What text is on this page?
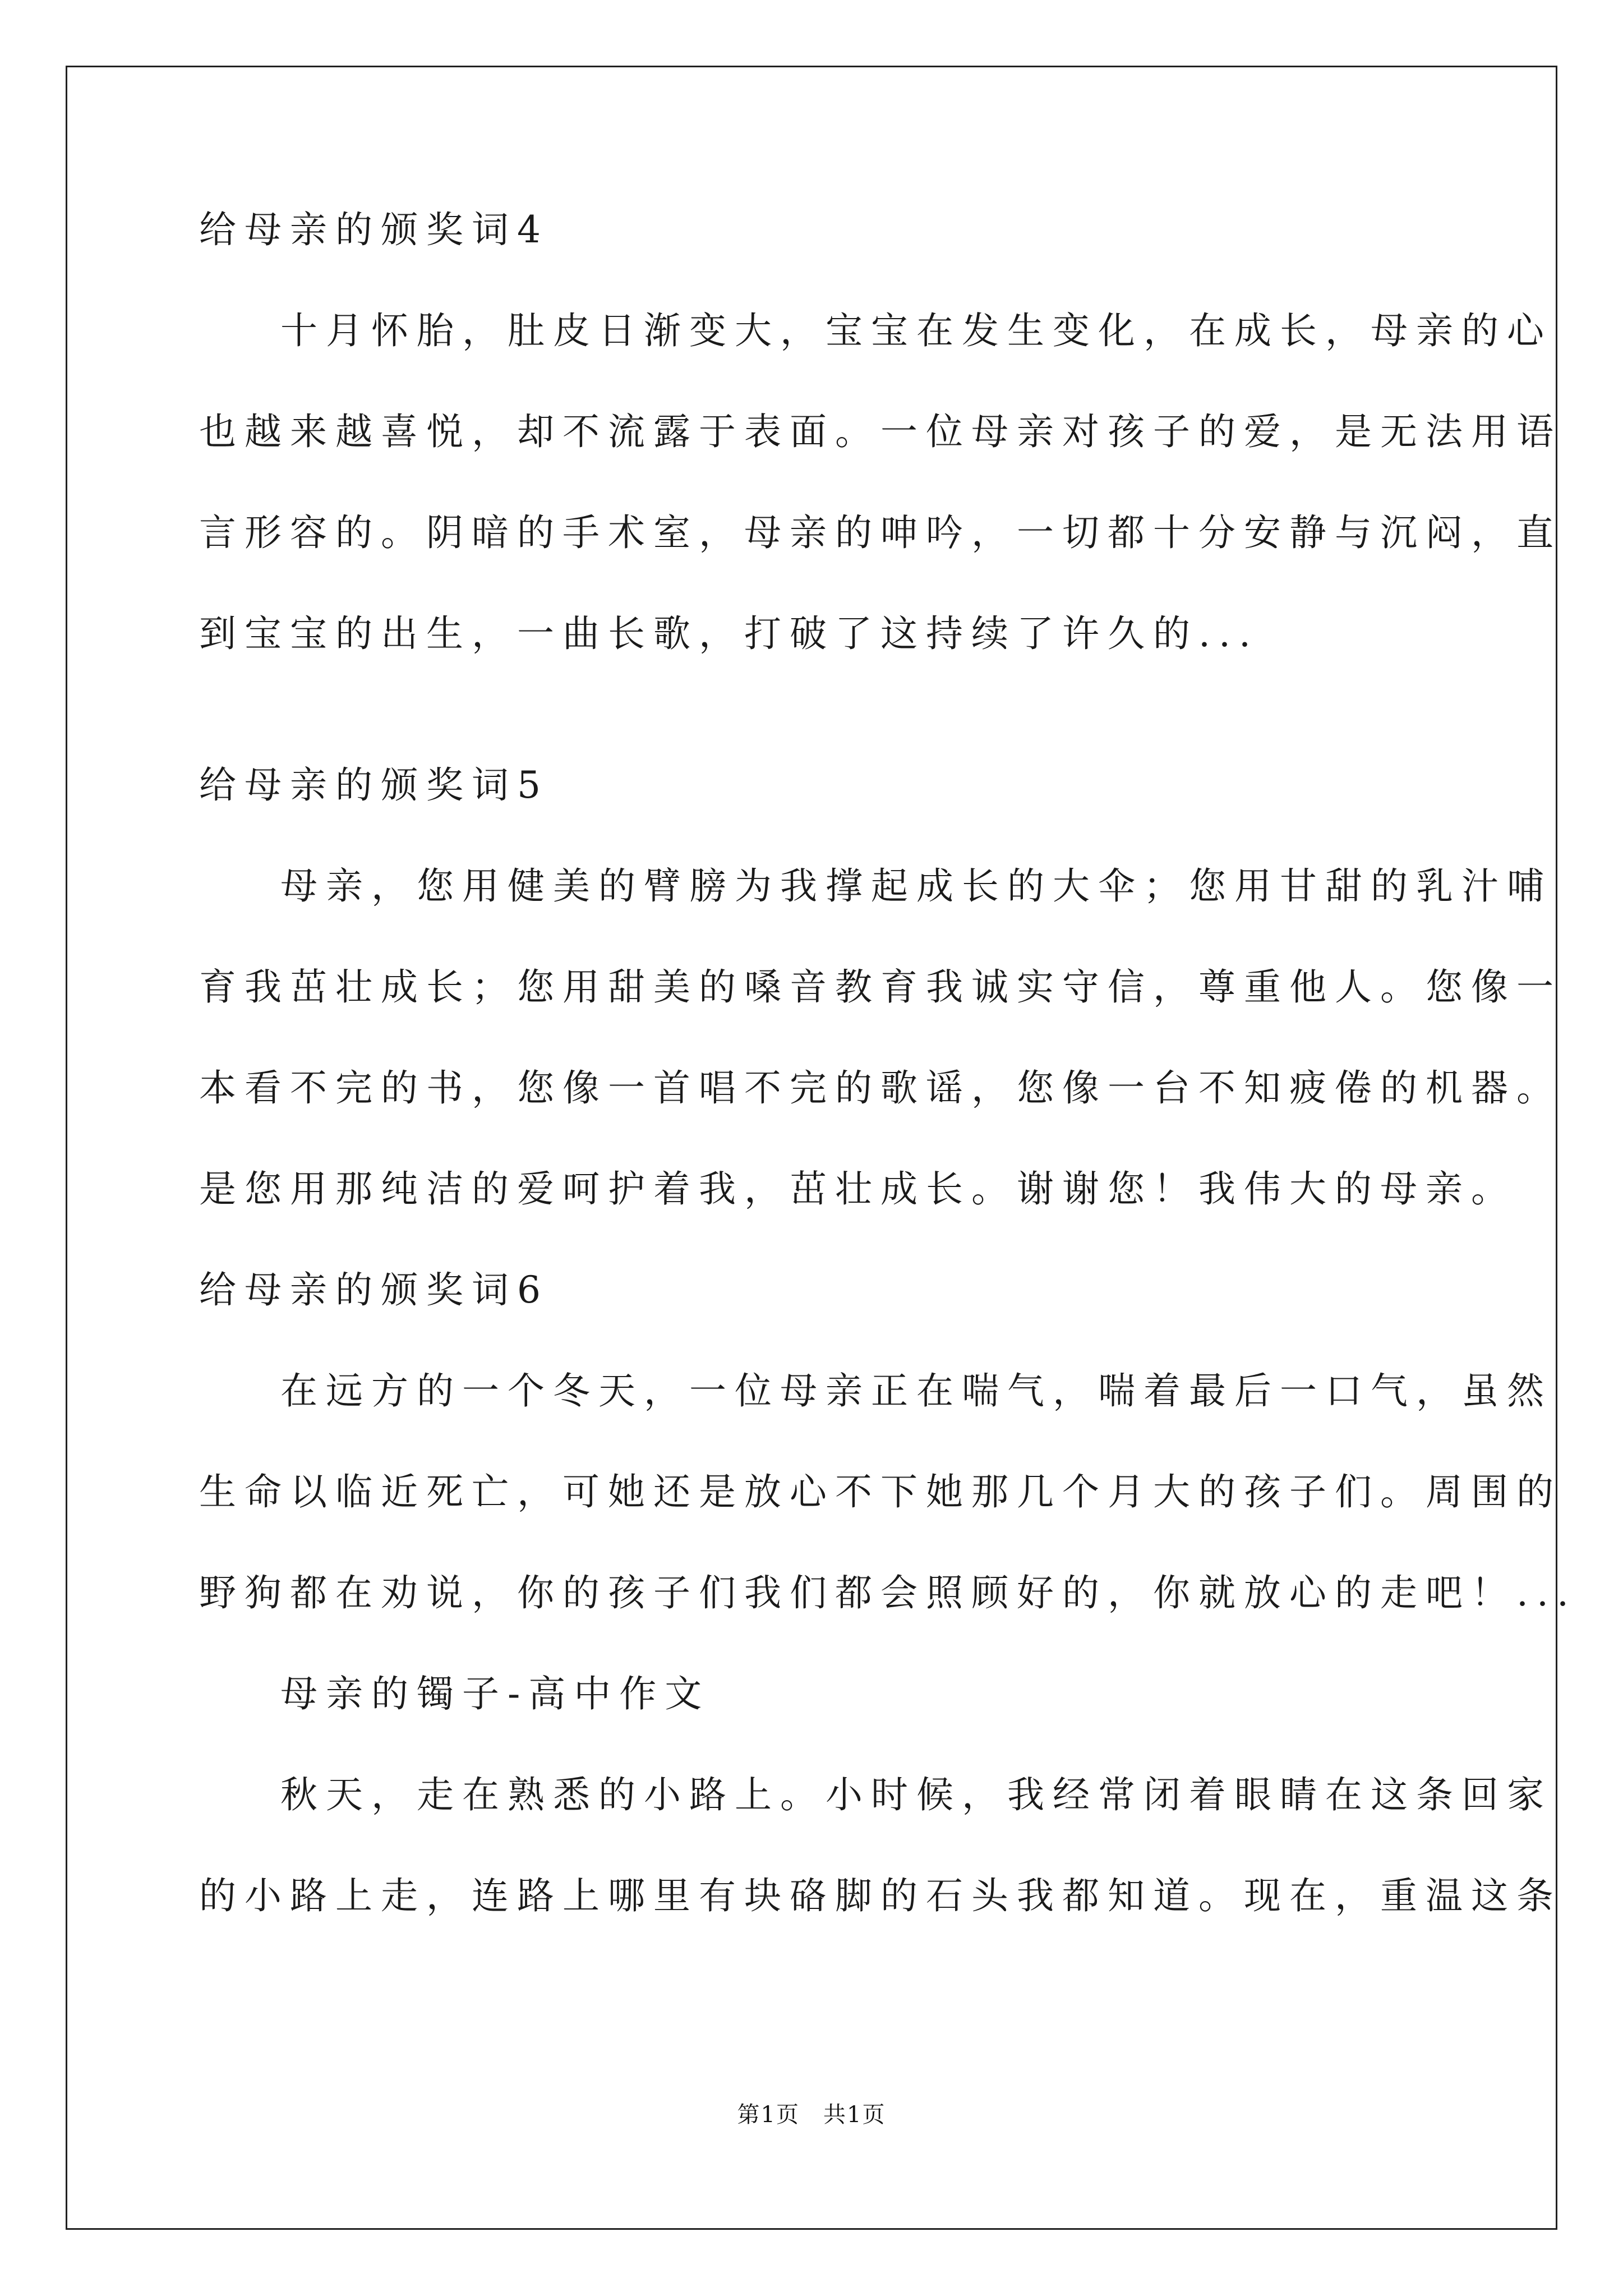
给母亲的颁奖词4
十月怀胎，肚皮日渐变大，宝宝在发生变化，在成长，母亲的心
也越来越喜悦，却不流露于表面。一位母亲对孩子的爱，是无法用语
言形容的。阴暗的手术室，母亲的呻吟，一切都十分安静与沉闷，直
到宝宝的出生，一曲长歌，打破了这持续了许久的...
给母亲的颁奖词5
母亲，您用健美的臂膀为我撑起成长的大伞；您用甘甜的乳汁哺
育我茁壮成长；您用甜美的嗓音教育我诚实守信，尊重他人。您像一
本看不完的书，您像一首唱不完的歌谣，您像一台不知疲倦的机器。
是您用那纯洁的爱呵护着我，茁壮成长。谢谢您！我伟大的母亲。
给母亲的颁奖词6
在远方的一个冬天，一位母亲正在喘气，喘着最后一口气，虽然
生命以临近死亡，可她还是放心不下她那几个月大的孩子们。周围的
野狗都在劝说，你的孩子们我们都会照顾好的，你就放心的走吧！...
母亲的镯子-高中作文
秋天，走在熟悉的小路上。小时候，我经常闭着眼睛在这条回家
的小路上走，连路上哪里有块硌脚的石头我都知道。现在，重温这条
第1页　共1页
